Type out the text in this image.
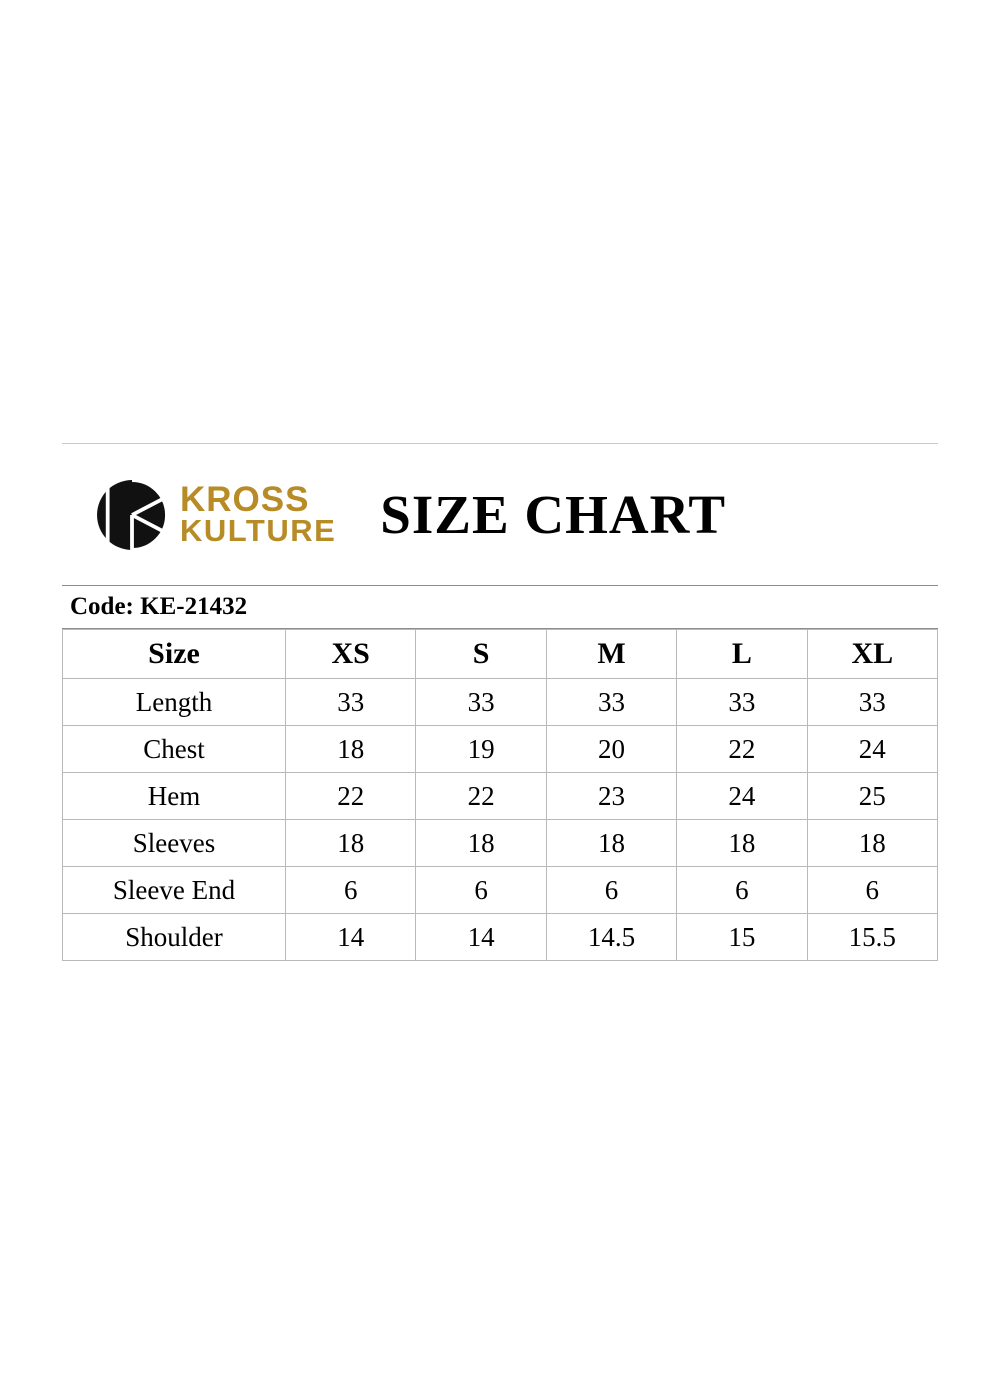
KROSS
KULTURE SIZE CHART
Code: KE-21432
Size	XS	S	M	L	XL
Length	33	33	33	33	33
Chest	18	19	20	22	24
Hem	22	22	23	24	25
Sleeves	18	18	18	18	18
Sleeve End	6	6	6	6	6
Shoulder	14	14	14.5	15	15.5
